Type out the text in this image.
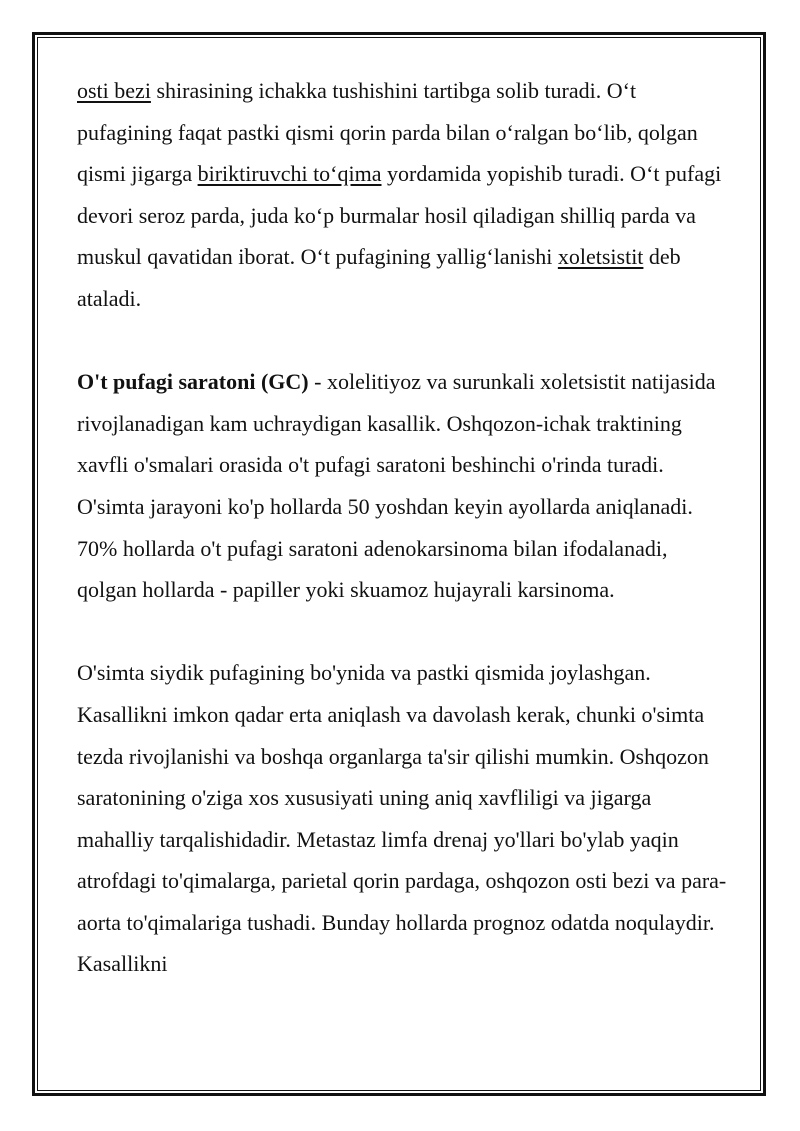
osti bezi shirasining ichakka tushishini tartibga solib turadi. O‘t pufagining faqat pastki qismi qorin parda bilan o‘ralgan bo‘lib, qolgan qismi jigarga biriktiruvchi to‘qima yordamida yopishib turadi. O‘t pufagi devori seroz parda, juda ko‘p burmalar hosil qiladigan shilliq parda va muskul qavatidan iborat. O‘t pufagining yallig‘lanishi xoletsistit deb ataladi.

O't pufagi saratoni (GC) - xolelitiyoz va surunkali xoletsistit natijasida rivojlanadigan kam uchraydigan kasallik. Oshqozon-ichak traktining xavfli o'smalari orasida o't pufagi saratoni beshinchi o'rinda turadi. O'simta jarayoni ko'p hollarda 50 yoshdan keyin ayollarda aniqlanadi. 70% hollarda o't pufagi saratoni adenokarsinoma bilan ifodalanadi, qolgan hollarda - papiller yoki skuamoz hujayrali karsinoma.

O'simta siydik pufagining bo'ynida va pastki qismida joylashgan. Kasallikni imkon qadar erta aniqlash va davolash kerak, chunki o'simta tezda rivojlanishi va boshqa organlarga ta'sir qilishi mumkin. Oshqozon saratonining o'ziga xos xususiyati uning aniq xavfliligi va jigarga mahalliy tarqalishidadir. Metastaz limfa drenaj yo'llari bo'ylab yaqin atrofdagi to'qimalarga, parietal qorin pardaga, oshqozon osti bezi va para-aorta to'qimalariga tushadi. Bunday hollarda prognoz odatda noqulaydir. Kasallikni
